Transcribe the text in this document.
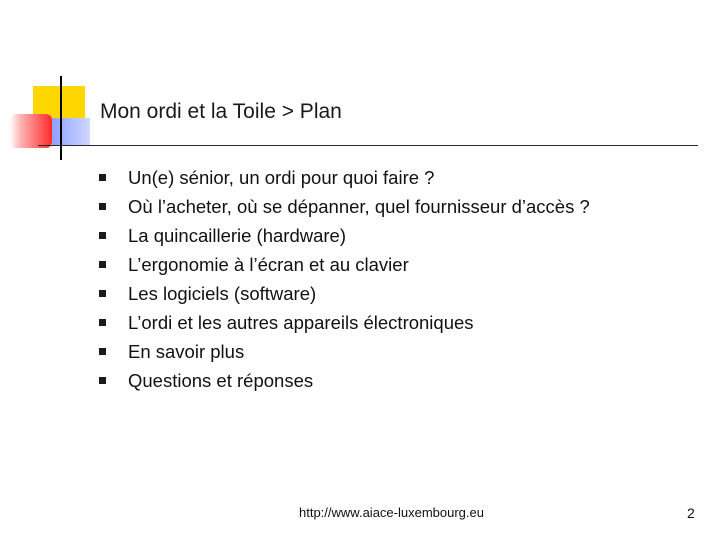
Mon ordi et la Toile > Plan
Un(e) sénior, un ordi pour quoi faire ?
Où l’acheter, où se dépanner, quel fournisseur d’accès ?
La quincaillerie (hardware)
L’ergonomie à l’écran et au clavier
Les logiciels (software)
L’ordi et les autres appareils électroniques
En savoir plus
Questions et réponses
http://www.aiace-luxembourg.eu	2
